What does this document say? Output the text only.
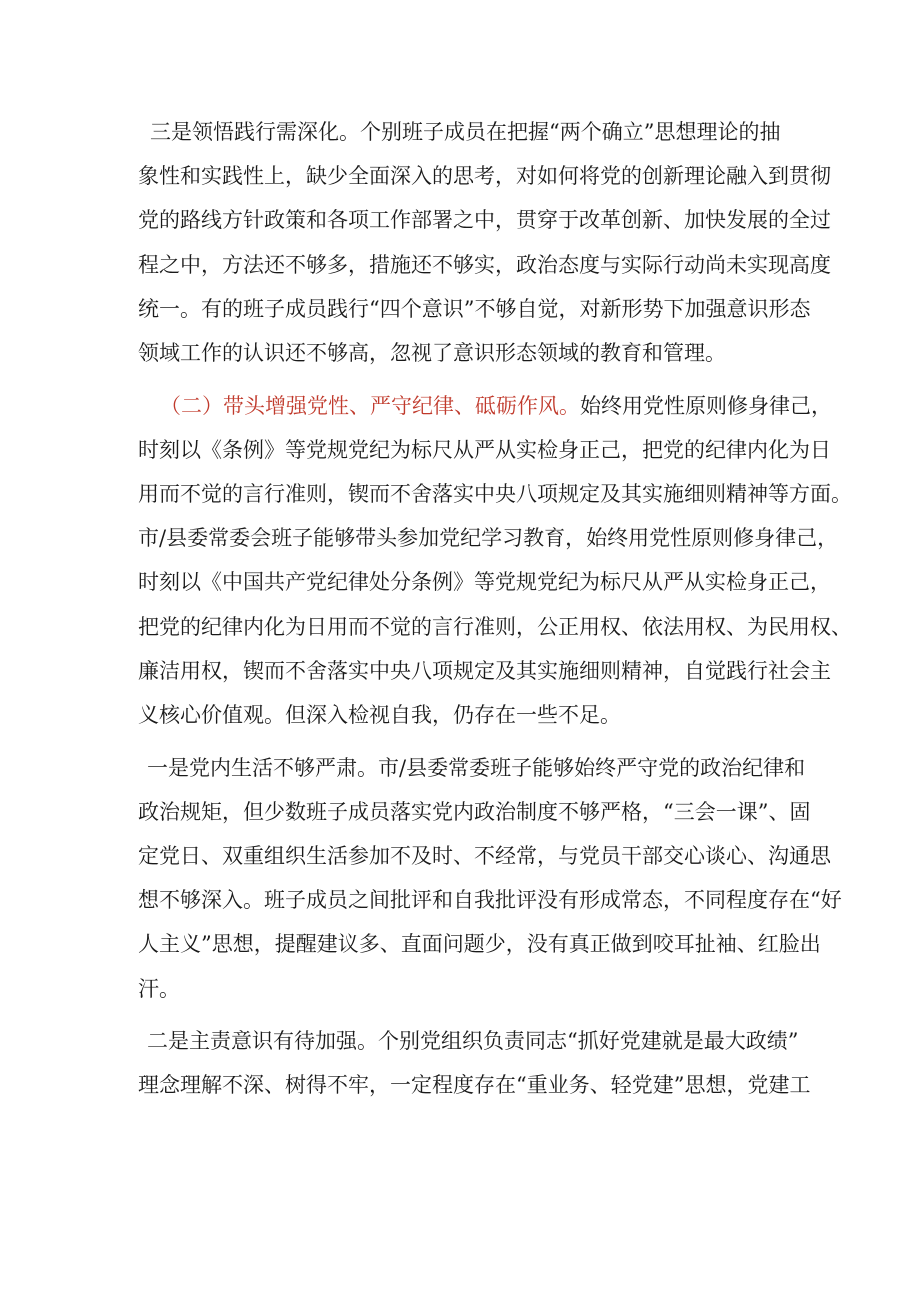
三是领悟践行需深化。个别班子成员在把握“两个确立”思想理论的抽
象性和实践性上，缺少全面深入的思考，对如何将党的创新理论融入到贯彻
党的路线方针政策和各项工作部署之中，贯穿于改革创新、加快发展的全过
程之中，方法还不够多，措施还不够实，政治态度与实际行动尚未实现高度
统一。有的班子成员践行“四个意识”不够自觉，对新形势下加强意识形态
领域工作的认识还不够高，忽视了意识形态领域的教育和管理。
（二）带头增强党性、严守纪律、砥砺作风。始终用党性原则修身律己，
时刻以《条例》等党规党纪为标尺从严从实检身正己，把党的纪律内化为日
用而不觉的言行准则，锲而不舍落实中央八项规定及其实施细则精神等方面。
市/县委常委会班子能够带头参加党纪学习教育，始终用党性原则修身律己，
时刻以《中国共产党纪律处分条例》等党规党纪为标尺从严从实检身正己，
把党的纪律内化为日用而不觉的言行准则，公正用权、依法用权、为民用权、
廉洁用权，锲而不舍落实中央八项规定及其实施细则精神，自觉践行社会主
义核心价值观。但深入检视自我，仍存在一些不足。
一是党内生活不够严肃。市/县委常委班子能够始终严守党的政治纪律和
政治规矩，但少数班子成员落实党内政治制度不够严格，“三会一课”、固
定党日、双重组织生活参加不及时、不经常，与党员干部交心谈心、沟通思
想不够深入。班子成员之间批评和自我批评没有形成常态，不同程度存在“好
人主义”思想，提醒建议多、直面问题少，没有真正做到咬耳扯袖、红脸出
汗。
二是主责意识有待加强。个别党组织负责同志“抓好党建就是最大政绩”
理念理解不深、树得不牢，一定程度存在“重业务、轻党建”思想，党建工
